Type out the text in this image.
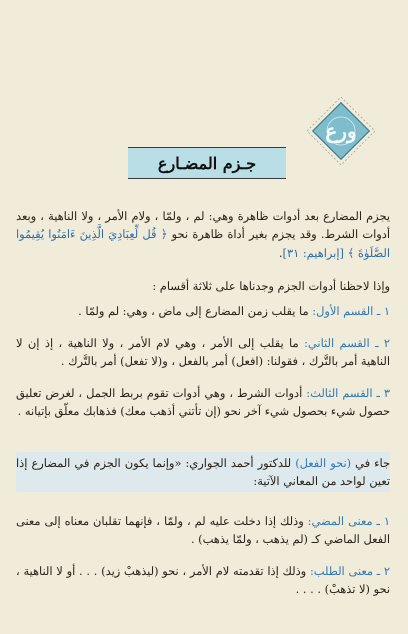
ورع
جـزم المضـارع
يجزم المضارع بعد أدوات ظاهرة وهي: لم ، ولمّا ، ولام الأمر ، ولا الناهية ، وبعد أدوات الشرط. وقد يجزم بغير أداة ظاهرة نحو ﴿ قُل لِّعِبَادِيَ الَّذِينَ ءَامَنُوا يُقِيمُوا الصَّلَوٰةَ ﴾ [إبراهيم: ٣١].
وإذا لاحظنا أدوات الجزم وجدناها على ثلاثة أقسام :
١ ـ القسم الأول: ما يقلب زمن المضارع إلى ماض ، وهي: لم ولمّا .
٢ ـ القسم الثاني: ما يقلب إلى الأمر ، وهي لام الأمر ، ولا الناهية ، إذ إن لا الناهية أمر بالتَّرك ، فقولنا: (افعل) أمر بالفعل ، و(لا تفعل) أمر بالتَّرك .
٣ ـ القسم الثالث: أدوات الشرط ، وهي أدوات تقوم بربط الجمل ، لغرض تعليق حصول شيء بحصول شيء آخر نحو (إن تأتني أذهب معك) فذهابك معلّق بإتيانه .
جاء في (نحو الفعل) للدكتور أحمد الجواري: «وإنما يكون الجزم في المضارع إذا تعين لواحد من المعاني الآتية:
١ ـ معنى المضي: وذلك إذا دخلت عليه لم ، ولمّا ، فإنهما تقلبان معناه إلى معنى الفعل الماضي كـ (لم يذهب ، ولمّا يذهب) .
٢ ـ معنى الطلب: وذلك إذا تقدمته لام الأمر ، نحو (ليذهبْ زيد) . . . أو لا الناهية ، نحو (لا تذهبْ) . . . .
